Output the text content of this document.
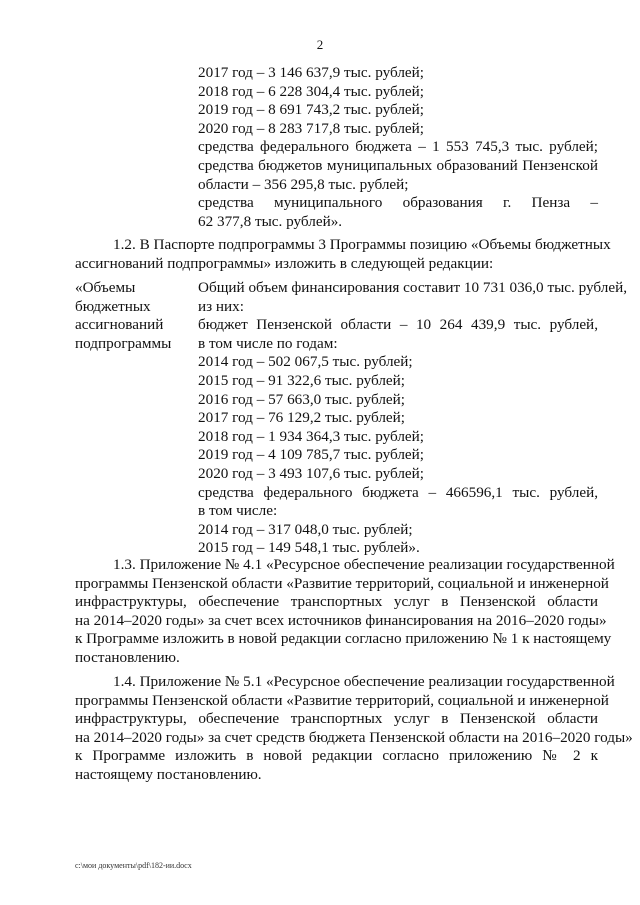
2
2017 год – 3 146 637,9 тыс. рублей;
2018 год – 6 228 304,4 тыс. рублей;
2019 год – 8 691 743,2 тыс. рублей;
2020 год – 8 283 717,8 тыс. рублей;
средства федерального бюджета – 1 553 745,3 тыс. рублей;
средства бюджетов муниципальных образований Пензенской
области – 356 295,8 тыс. рублей;
средства муниципального образования г. Пенза –
62 377,8 тыс. рублей».
1.2. В Паспорте подпрограммы 3 Программы позицию «Объемы бюджетных
ассигнований подпрограммы» изложить в следующей редакции:
«Объемы
бюджетных
ассигнований
подпрограммы
Общий объем финансирования составит 10 731 036,0 тыс. рублей,
из них:
бюджет Пензенской области – 10 264 439,9 тыс. рублей,
в том числе по годам:
2014 год – 502 067,5 тыс. рублей;
2015 год – 91 322,6 тыс. рублей;
2016 год – 57 663,0 тыс. рублей;
2017 год – 76 129,2 тыс. рублей;
2018 год – 1 934 364,3 тыс. рублей;
2019 год – 4 109 785,7 тыс. рублей;
2020 год – 3 493 107,6 тыс. рублей;
средства федерального бюджета – 466596,1 тыс. рублей,
в том числе:
2014 год – 317 048,0 тыс. рублей;
2015 год – 149 548,1 тыс. рублей».
1.3. Приложение № 4.1 «Ресурсное обеспечение реализации государственной
программы Пензенской области «Развитие территорий, социальной и инженерной
инфраструктуры, обеспечение транспортных услуг в Пензенской области
на 2014–2020 годы» за счет всех источников финансирования на 2016–2020 годы»
к Программе изложить в новой редакции согласно приложению № 1 к настоящему
постановлению.
1.4. Приложение № 5.1 «Ресурсное обеспечение реализации государственной
программы Пензенской области «Развитие территорий, социальной и инженерной
инфраструктуры, обеспечение транспортных услуг в Пензенской области
на 2014–2020 годы» за счет средств бюджета Пензенской области на 2016–2020 годы»
к Программе изложить в новой редакции согласно приложению № 2 к
настоящему постановлению.
c:\мои документы\pdf\182-ии.docx
